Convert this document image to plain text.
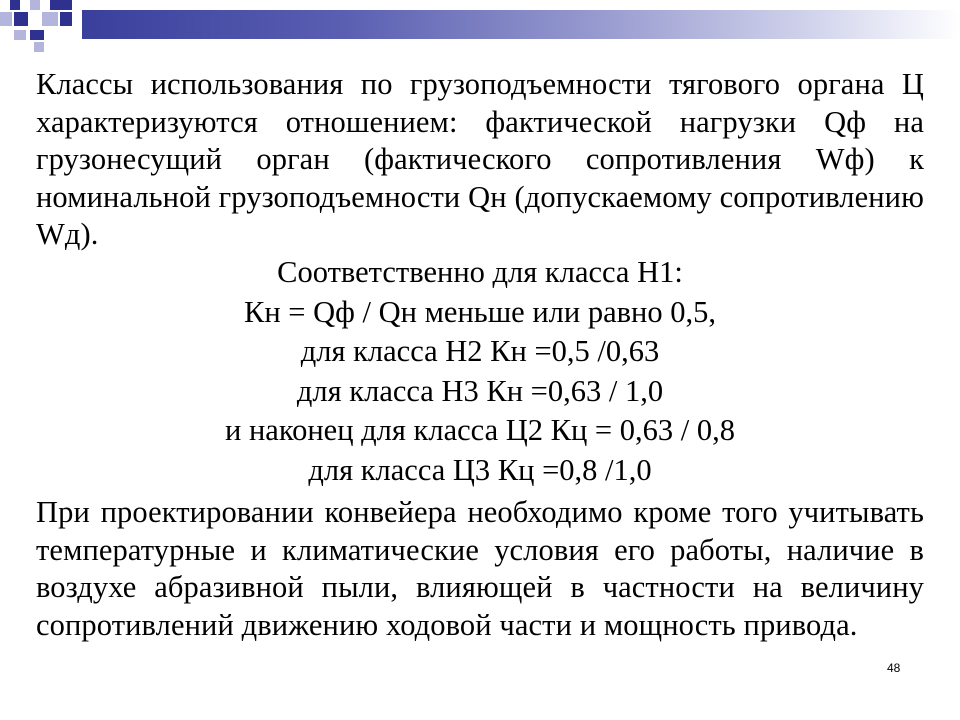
Классы использования по грузоподъемности тягового органа Ц характеризуются отношением: фактической нагрузки Qф на грузонесущий орган (фактического сопротивления Wф) к номинальной грузоподъемности Qн (допускаемому сопротивлению Wд).
Соответственно для класса Н1:
Кн = Qф / Qн меньше или равно 0,5,
для класса Н2 Кн =0,5 /0,63
для класса Н3 Кн =0,63 / 1,0
и наконец для класса Ц2 Кц = 0,63 / 0,8
для класса Ц3 Кц =0,8 /1,0
При проектировании конвейера необходимо кроме того учитывать температурные и климатические условия его работы, наличие в воздухе абразивной пыли, влияющей в частности на величину сопротивлений движению ходовой части и мощность привода.
48
